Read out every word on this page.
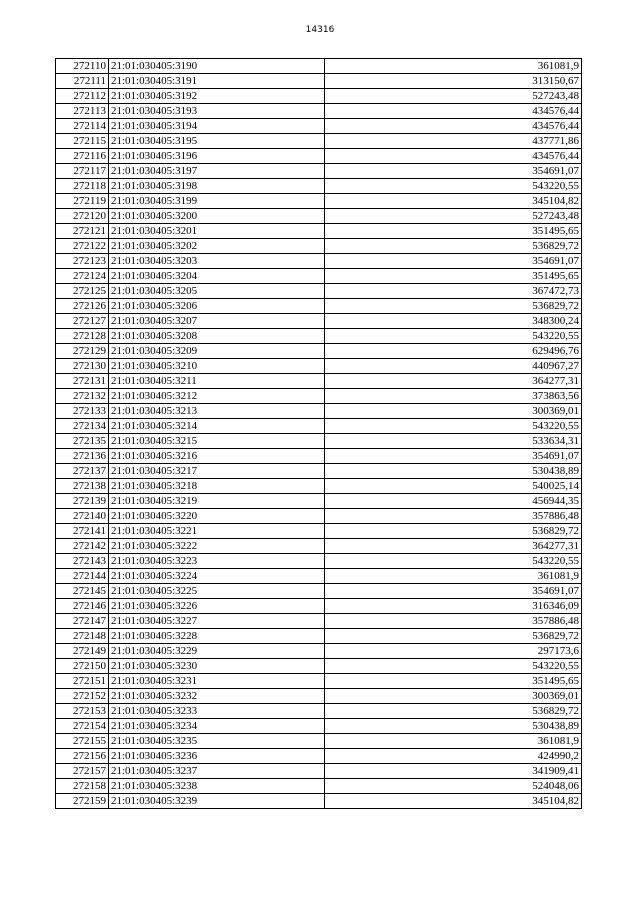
14316
272110	21:01:030405:3190	361081,9
272111	21:01:030405:3191	313150,67
272112	21:01:030405:3192	527243,48
272113	21:01:030405:3193	434576,44
272114	21:01:030405:3194	434576,44
272115	21:01:030405:3195	437771,86
272116	21:01:030405:3196	434576,44
272117	21:01:030405:3197	354691,07
272118	21:01:030405:3198	543220,55
272119	21:01:030405:3199	345104,82
272120	21:01:030405:3200	527243,48
272121	21:01:030405:3201	351495,65
272122	21:01:030405:3202	536829,72
272123	21:01:030405:3203	354691,07
272124	21:01:030405:3204	351495,65
272125	21:01:030405:3205	367472,73
272126	21:01:030405:3206	536829,72
272127	21:01:030405:3207	348300,24
272128	21:01:030405:3208	543220,55
272129	21:01:030405:3209	629496,76
272130	21:01:030405:3210	440967,27
272131	21:01:030405:3211	364277,31
272132	21:01:030405:3212	373863,56
272133	21:01:030405:3213	300369,01
272134	21:01:030405:3214	543220,55
272135	21:01:030405:3215	533634,31
272136	21:01:030405:3216	354691,07
272137	21:01:030405:3217	530438,89
272138	21:01:030405:3218	540025,14
272139	21:01:030405:3219	456944,35
272140	21:01:030405:3220	357886,48
272141	21:01:030405:3221	536829,72
272142	21:01:030405:3222	364277,31
272143	21:01:030405:3223	543220,55
272144	21:01:030405:3224	361081,9
272145	21:01:030405:3225	354691,07
272146	21:01:030405:3226	316346,09
272147	21:01:030405:3227	357886,48
272148	21:01:030405:3228	536829,72
272149	21:01:030405:3229	297173,6
272150	21:01:030405:3230	543220,55
272151	21:01:030405:3231	351495,65
272152	21:01:030405:3232	300369,01
272153	21:01:030405:3233	536829,72
272154	21:01:030405:3234	530438,89
272155	21:01:030405:3235	361081,9
272156	21:01:030405:3236	424990,2
272157	21:01:030405:3237	341909,41
272158	21:01:030405:3238	524048,06
272159	21:01:030405:3239	345104,82
